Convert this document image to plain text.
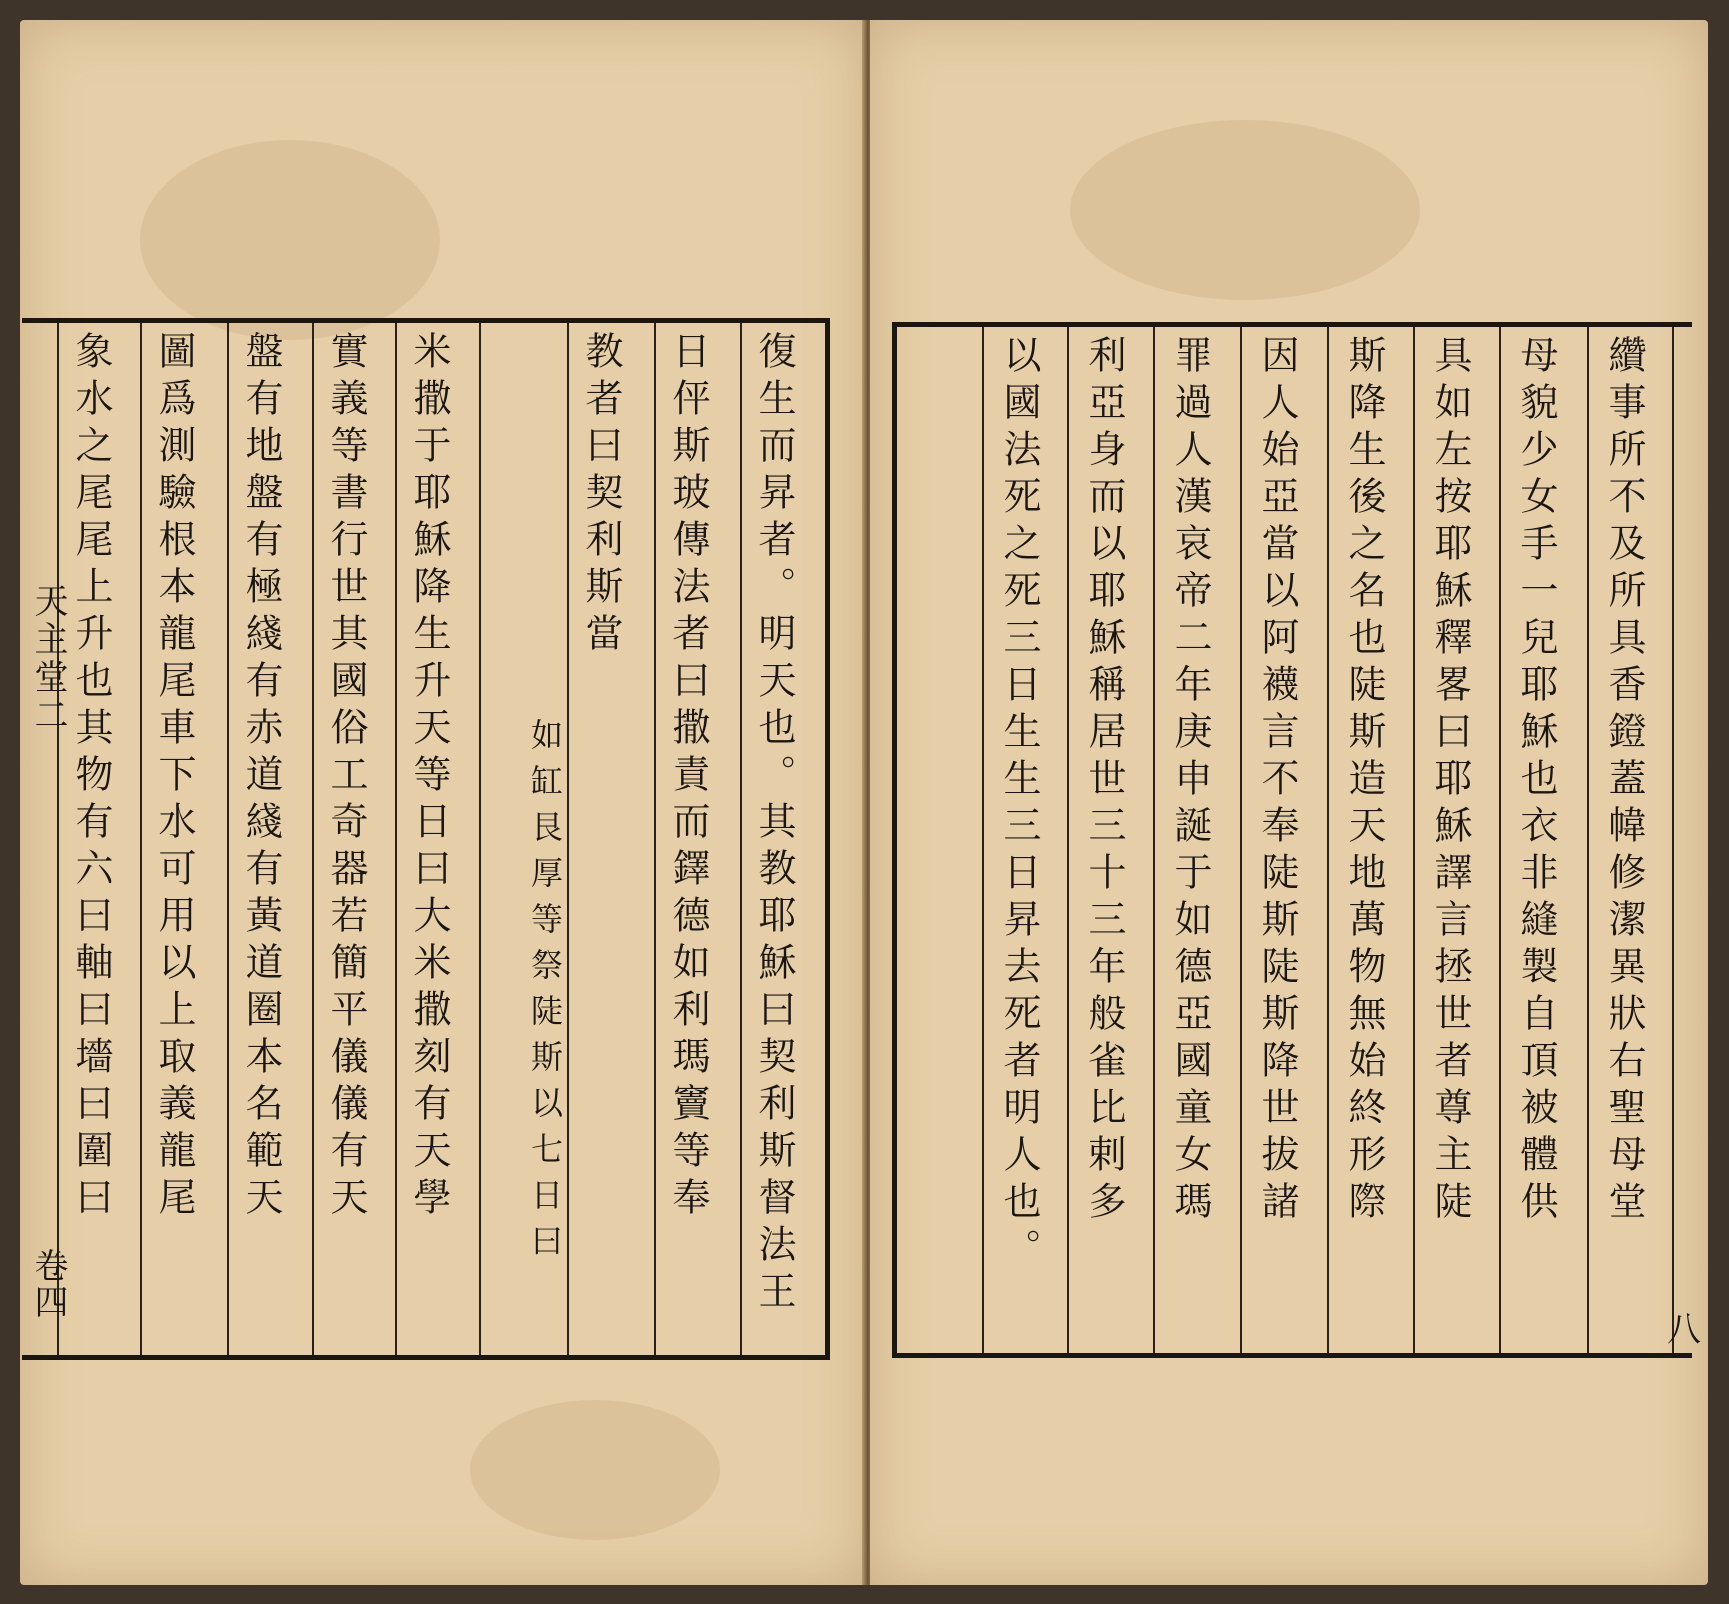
天主堂二
卷四	復生而昇者。明天也。其教耶穌曰契利斯督法王
日伻斯玻傳法者曰撒責而鐸德如利瑪竇等奉
教者曰契利斯當
如缸艮厚等祭陡斯以七日曰
米撒于耶穌降生升天等日曰大米撒刻有天學
實義等書行世其國俗工奇器若簡平儀儀有天
盤有地盤有極綫有赤道綫有黃道圈本名範天
圖爲測驗根本龍尾車下水可用以上取義龍尾
象水之尾尾上升也其物有六曰軸曰墻曰圍曰	纘事所不及所具香鐙蓋幃修潔異狀右聖母堂
母貌少女手一兒耶穌也衣非縫製自頂被體供
具如左按耶穌釋畧曰耶穌譯言拯世者尊主陡
斯降生後之名也陡斯造天地萬物無始終形際
因人始亞當以阿襪言不奉陡斯陡斯降世拔諸
罪過人漢哀帝二年庚申誕于如德亞國童女瑪
利亞身而以耶穌稱居世三十三年般雀比剌多
以國法死之死三日生生三日昇去死者明人也。
八
